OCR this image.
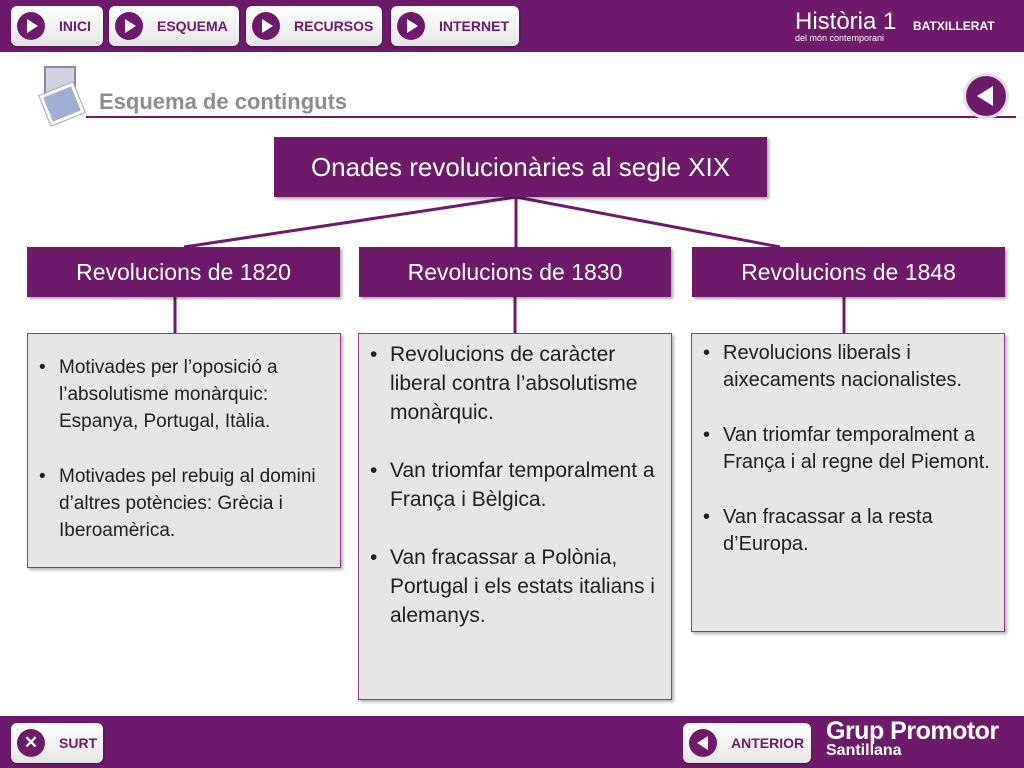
INICI	ESQUEMA	RECURSOS	INTERNET	Història 1 BATXILLERAT
del món contemporani
Esquema de continguts
Onades revolucionàries al segle XIX
Revolucions de 1820	Revolucions de 1830	Revolucions de 1848
• Motivades per l’oposició a l’absolutisme monàrquic: Espanya, Portugal, Itàlia.
• Motivades pel rebuig al domini d’altres potències: Grècia i Iberoamèrica.
• Revolucions de caràcter liberal contra l’absolutisme monàrquic.
• Van triomfar temporalment a França i Bèlgica.
• Van fracassar a Polònia, Portugal i els estats italians i alemanys.
• Revolucions liberals i aixecaments nacionalistes.
• Van triomfar temporalment a França i al regne del Piemont.
• Van fracassar a la resta d’Europa.
✕	SURT	ANTERIOR Grup Promotor
Santillana
